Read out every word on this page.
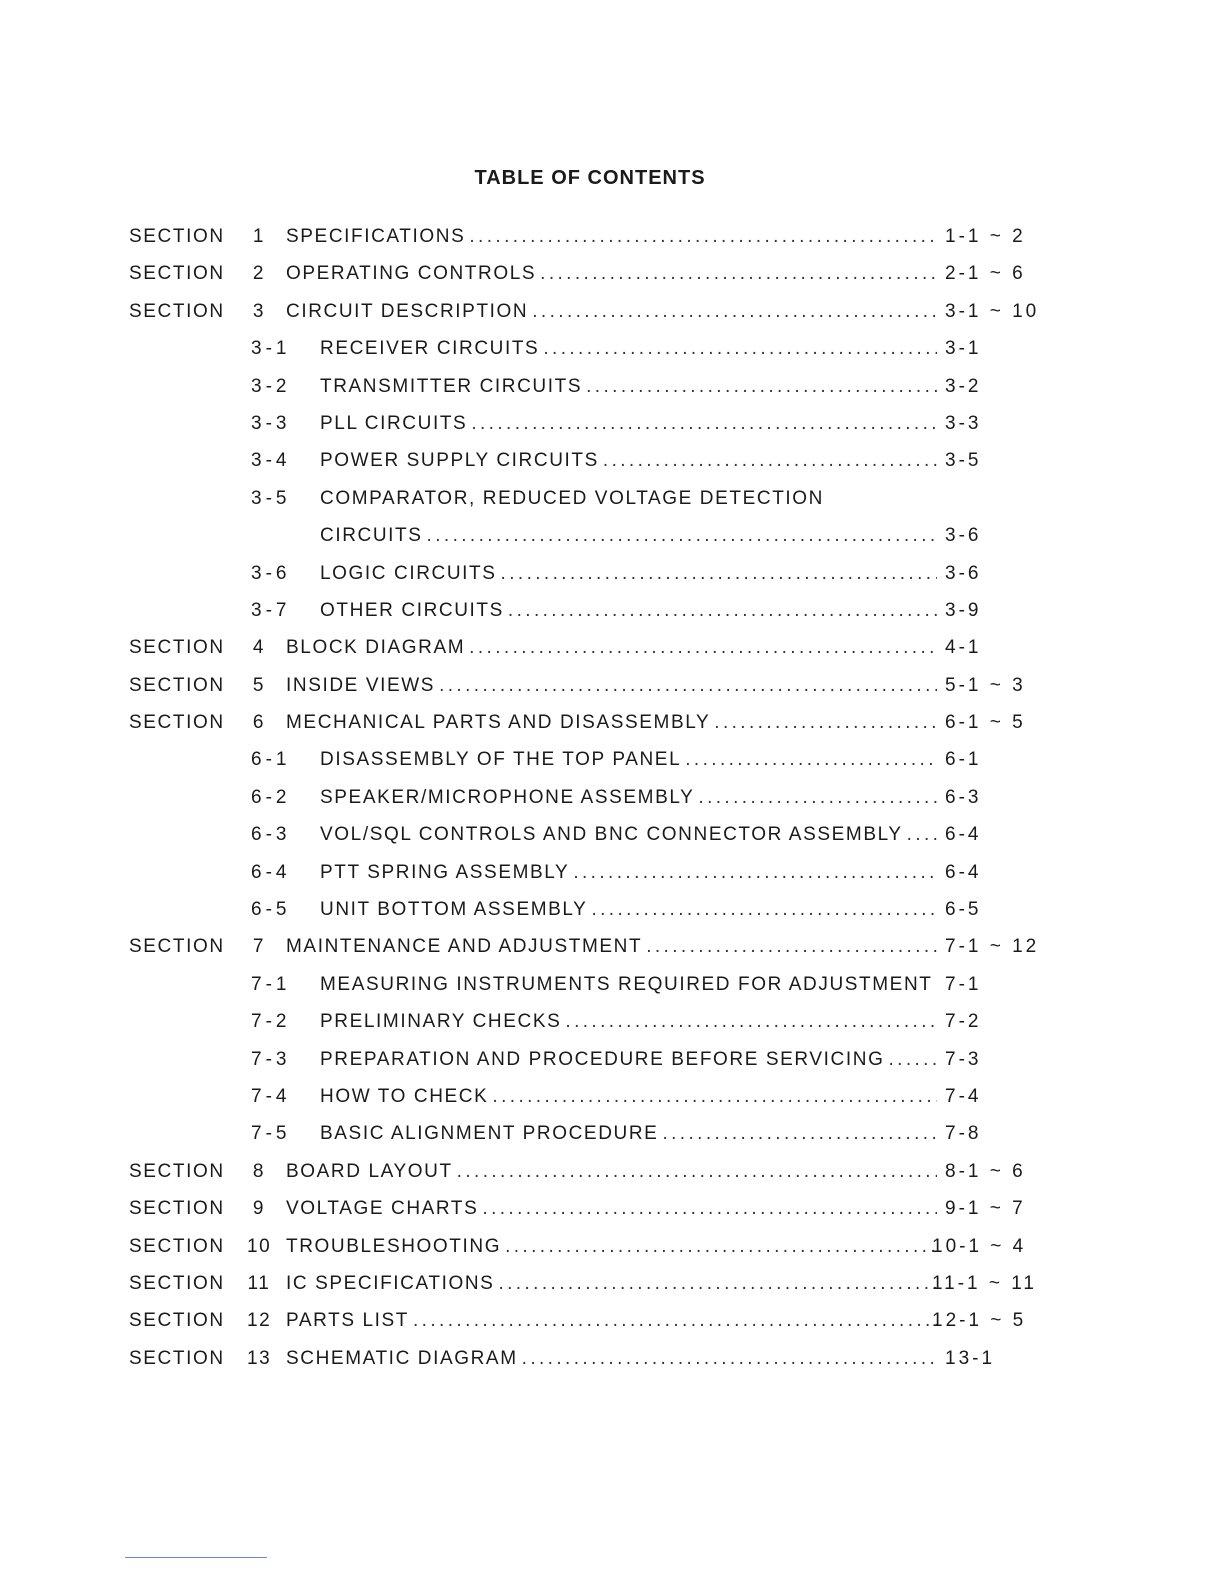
TABLE OF CONTENTS
SECTION	1	SPECIFICATIONS .....	1-1 ~ 2
SECTION	2	OPERATING CONTROLS .....	2-1 ~ 6
SECTION	3	CIRCUIT DESCRIPTION .....	3-1 ~ 10
3-1 RECEIVER CIRCUITS .....	3-1
3-2 TRANSMITTER CIRCUITS .....	3-2
3-3 PLL CIRCUITS .....	3-3
3-4 POWER SUPPLY CIRCUITS .....	3-5
3-5 COMPARATOR, REDUCED VOLTAGE DETECTION
CIRCUITS .....	3-6
3-6 LOGIC CIRCUITS .....	3-6
3-7 OTHER CIRCUITS .....	3-9
SECTION	4	BLOCK DIAGRAM .....	4-1
SECTION	5	INSIDE VIEWS .....	5-1 ~ 3
SECTION	6	MECHANICAL PARTS AND DISASSEMBLY .....	6-1 ~ 5
6-1 DISASSEMBLY OF THE TOP PANEL .....	6-1
6-2 SPEAKER/MICROPHONE ASSEMBLY .....	6-3
6-3 VOL/SQL CONTROLS AND BNC CONNECTOR ASSEMBLY ..... 6-4
6-4 PTT SPRING ASSEMBLY .....	6-4
6-5 UNIT BOTTOM ASSEMBLY .....	6-5
SECTION	7	MAINTENANCE AND ADJUSTMENT .....	7-1 ~ 12
7-1 MEASURING INSTRUMENTS REQUIRED FOR ADJUSTMENT ..... 7-1
7-2 PRELIMINARY CHECKS .....	7-2
7-3 PREPARATION AND PROCEDURE BEFORE SERVICING .....	7-3
7-4 HOW TO CHECK .....	7-4
7-5 BASIC ALIGNMENT PROCEDURE .....	7-8
SECTION	8	BOARD LAYOUT .....	8-1 ~ 6
SECTION	9	VOLTAGE CHARTS .....	9-1 ~ 7
SECTION 10 TROUBLESHOOTING .....	10-1 ~ 4
SECTION 11 IC SPECIFICATIONS .....	11-1 ~ 11
SECTION 12 PARTS LIST .....	12-1 ~ 5
SECTION 13 SCHEMATIC DIAGRAM .....	13-1
